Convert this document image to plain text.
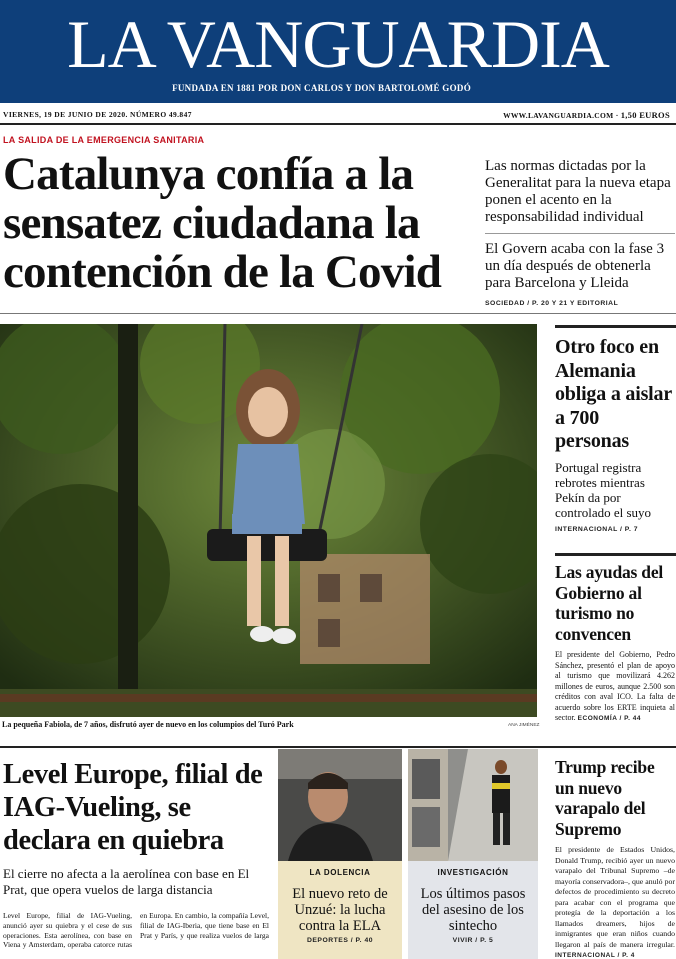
LA VANGUARDIA
FUNDADA EN 1881 POR DON CARLOS Y DON BARTOLOMÉ GODÓ
VIERNES, 19 DE JUNIO DE 2020. NÚMERO 49.847	WWW.LAVANGUARDIA.COM · 1,50 EUROS
LA SALIDA DE LA EMERGENCIA SANITARIA
Catalunya confía a la sensatez ciudadana la contención de la Covid

Las normas dictadas por la Generalitat para la nueva etapa ponen el acento en la responsabilidad individual

El Govern acaba con la fase 3 un día después de obtenerla para Barcelona y Lleida

SOCIEDAD / P. 20 Y 21 Y EDITORIAL
La pequeña Fabiola, de 7 años, disfrutó ayer de nuevo en los columpios del Turó Park	ANA JIMÉNEZ
Otro foco en Alemania obliga a aislar a 700 personas
Portugal registra rebrotes mientras Pekín da por controlado el suyo
INTERNACIONAL / P. 7
Las ayudas del Gobierno al turismo no convencen
El presidente del Gobierno, Pedro Sánchez, presentó el plan de apoyo al turismo que movilizará 4.262 millones de euros, aunque 2.500 son créditos con aval ICO. La falta de acuerdo sobre los ERTE inquieta al sector. ECONOMÍA / P. 44
Level Europe, filial de IAG-Vueling, se declara en quiebra
El cierre no afecta a la aerolínea con base en El Prat, que opera vuelos de larga distancia
Level Europe, filial de IAG-Vueling, anunció ayer su quiebra y el cese de sus operaciones. Esta aerolínea, con base en Viena y Amsterdam, operaba catorce rutas en Europa. En cambio, la compañía Level, filial de IAG-Iberia, que tiene base en El Prat y París, y que realiza vuelos de larga
LA DOLENCIA
El nuevo reto de Unzué: la lucha contra la ELA
DEPORTES / P. 40
INVESTIGACIÓN
Los últimos pasos del asesino de los sintecho
VIVIR / P. 5
Trump recibe un nuevo varapalo del Supremo
El presidente de Estados Unidos, Donald Trump, recibió ayer un nuevo varapalo del Tribunal Supremo –de mayoría conservadora–, que anuló por defectos de procedimiento su decreto para acabar con el programa que protegía de la deportación a los llamados dreamers, hijos de inmigrantes que eran niños cuando llegaron al país de manera irregular. INTERNACIONAL / P. 4
